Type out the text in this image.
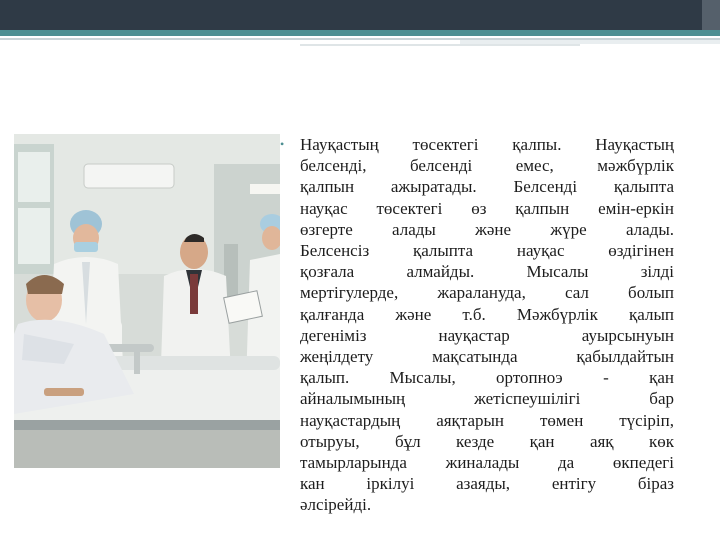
• Науқастың төсектегі қалпы. Науқастың
белсенді, белсенді емес, мәжбүрлік
қалпын ажыратады. Белсенді қалыпта
науқас төсектегі өз қалпын емін-еркін
өзгерте алады және жүре алады.
Белсенсіз қалыпта науқас өздігінен
қозғала алмайды. Мысалы зілді
мертігулерде, жараланудa, сал болып
қалғанда және т.б. Мәжбүрлік қалып
дегеніміз науқастар ауырсынуын
жеңілдету мақсатында қабылдайтын
қалып. Мысалы, ортопноэ - қан
айналымының жетіспеушілігі бар
науқастардың аяқтарын төмен түсіріп,
отыруы, бұл кезде қан аяқ көк
тамырларында жиналады да өкпедегі
кан іркілуі азаяды, ентігу біраз
әлсірейді.
